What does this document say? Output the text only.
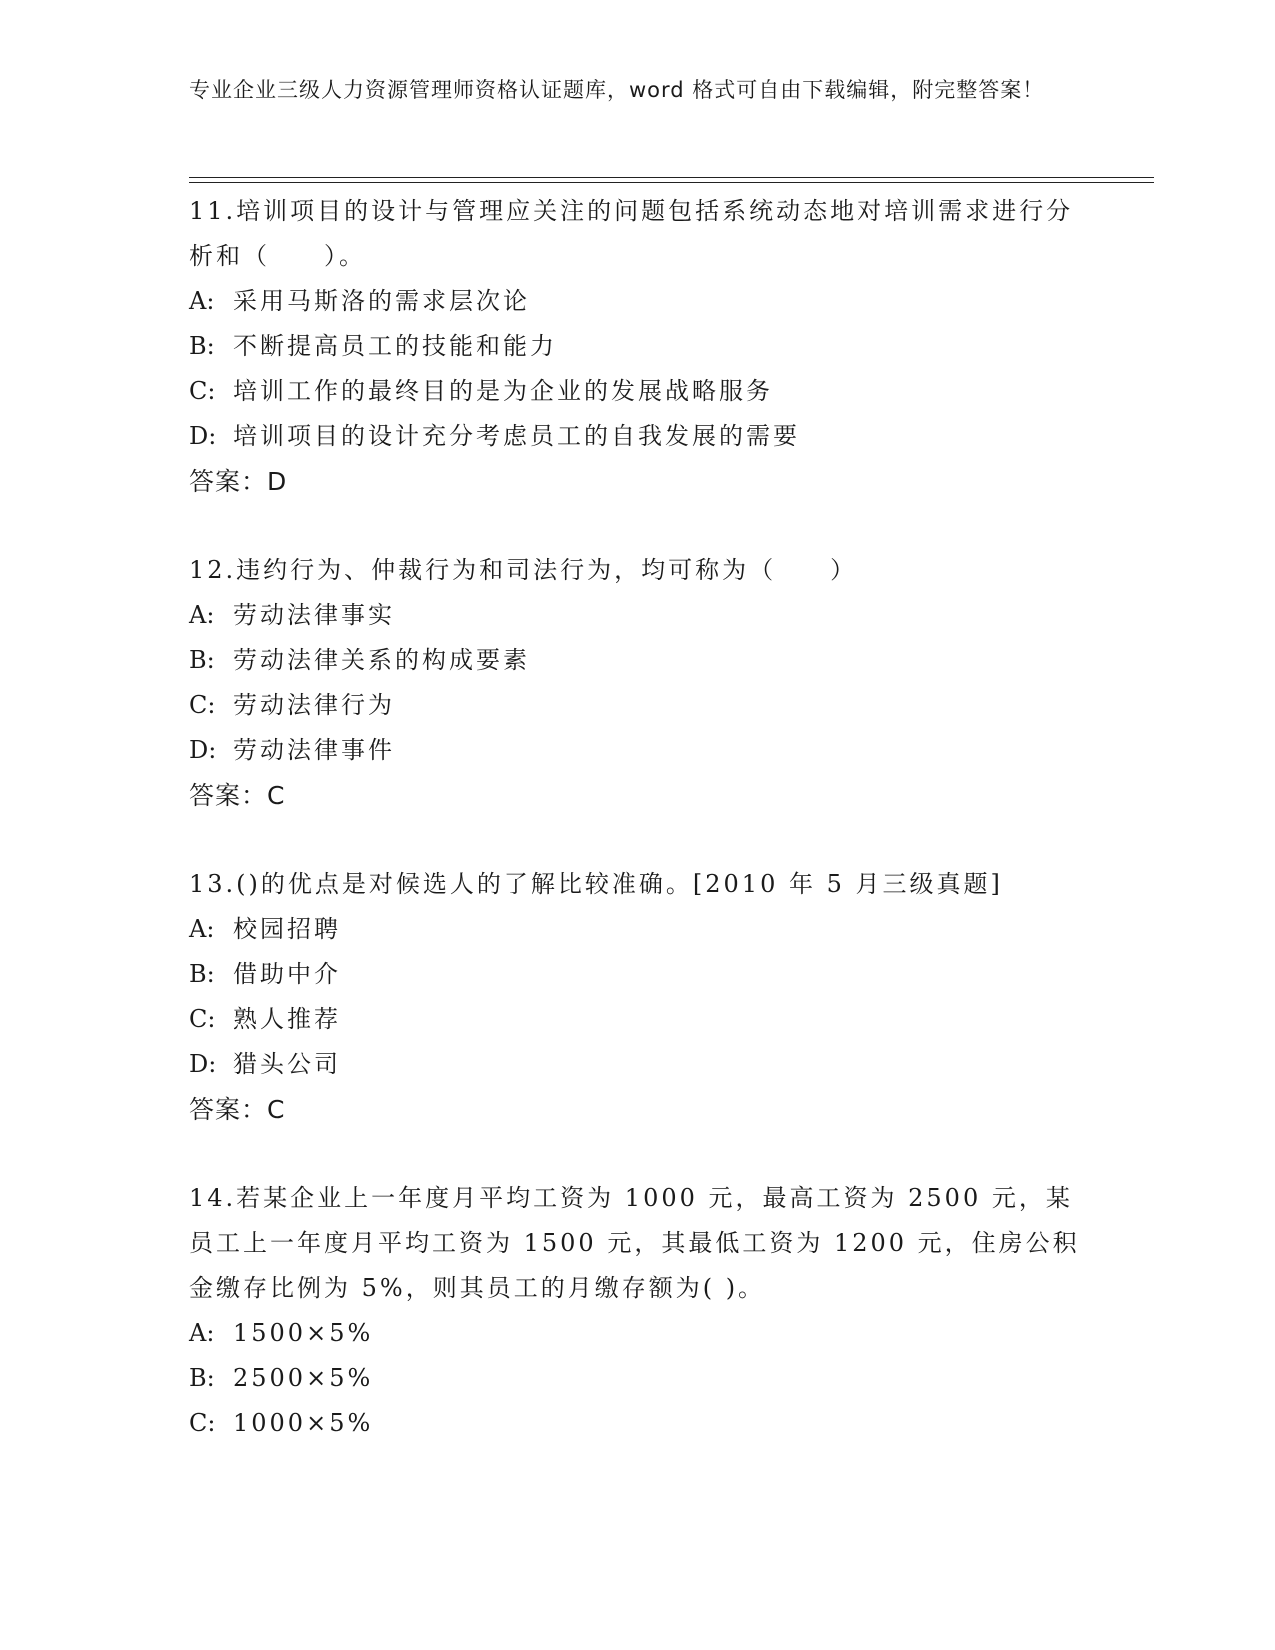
专业企业三级人力资源管理师资格认证题库，word 格式可自由下载编辑，附完整答案！

11.培训项目的设计与管理应关注的问题包括系统动态地对培训需求进行分析和（　　）。

A: 采用马斯洛的需求层次论

B: 不断提高员工的技能和能力

C: 培训工作的最终目的是为企业的发展战略服务

D: 培训项目的设计充分考虑员工的自我发展的需要

答案：D

12.违约行为、仲裁行为和司法行为，均可称为（　　）

A: 劳动法律事实

B: 劳动法律关系的构成要素

C: 劳动法律行为

D: 劳动法律事件

答案：C

13.()的优点是对候选人的了解比较准确。[2010 年 5 月三级真题]

A: 校园招聘

B: 借助中介

C: 熟人推荐

D: 猎头公司

答案：C

14.若某企业上一年度月平均工资为 1000 元，最高工资为 2500 元，某员工上一年度月平均工资为 1500 元，其最低工资为 1200 元，住房公积金缴存比例为 5%，则其员工的月缴存额为( )。

A: 1500×5%

B: 2500×5%

C: 1000×5%
